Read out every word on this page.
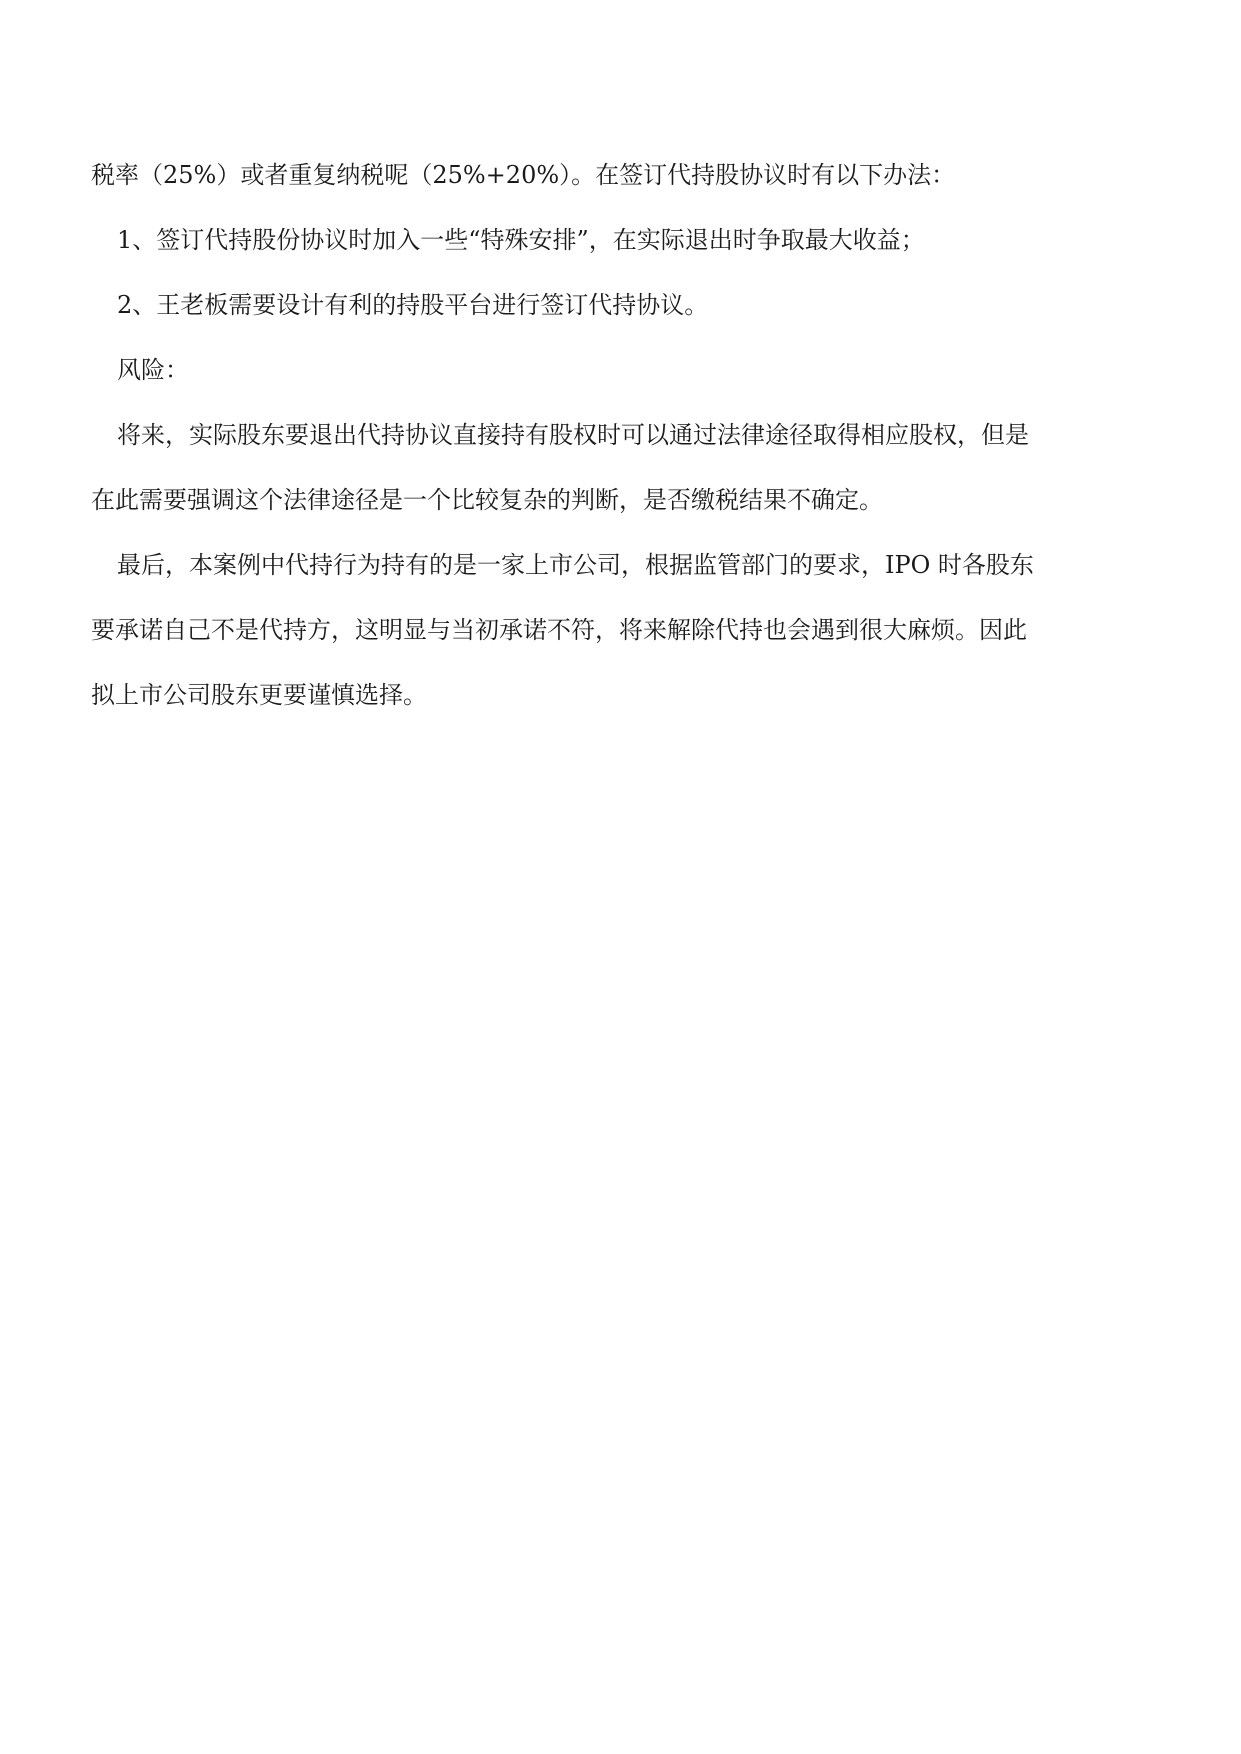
税率（25%）或者重复纳税呢（25%+20%）。在签订代持股协议时有以下办法：
1、签订代持股份协议时加入一些“特殊安排”，在实际退出时争取最大收益；
2、王老板需要设计有利的持股平台进行签订代持协议。
风险：
将来，实际股东要退出代持协议直接持有股权时可以通过法律途径取得相应股权，但是
在此需要强调这个法律途径是一个比较复杂的判断，是否缴税结果不确定。
最后，本案例中代持行为持有的是一家上市公司，根据监管部门的要求，IPO 时各股东
要承诺自己不是代持方，这明显与当初承诺不符，将来解除代持也会遇到很大麻烦。因此
拟上市公司股东更要谨慎选择。
